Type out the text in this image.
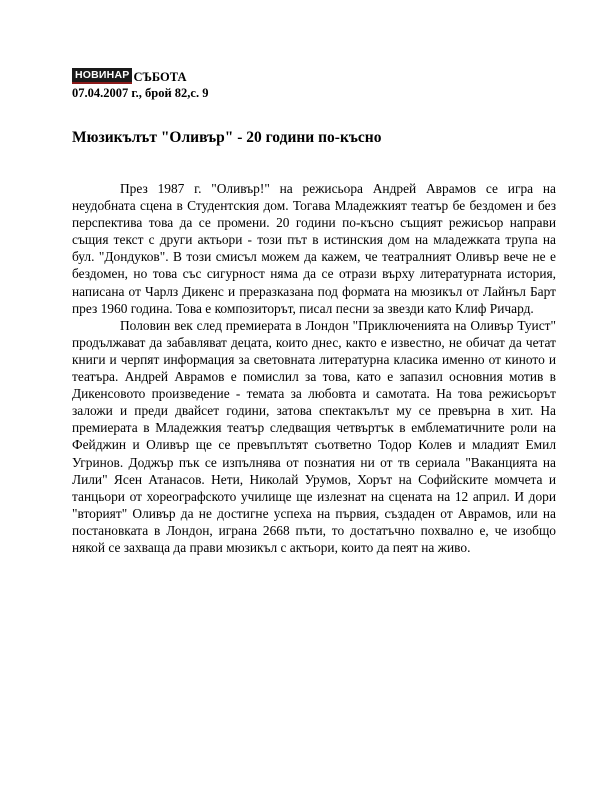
НОВИНАР СЪБОТА
07.04.2007 г., брой 82,с. 9
Мюзикълът "Оливър" - 20 години по-късно

През 1987 г. "Оливър!" на режисьора Андрей Аврамов се игра на неудобната сцена в Студентския дом. Тогава Младежкият театър бе бездомен и без перспектива това да се промени. 20 години по-късно същият режисьор направи същия текст с други актьори - този път в истинския дом на младежката трупа на бул. "Дондуков". В този смисъл можем да кажем, че театралният Оливър вече не е бездомен, но това със сигурност няма да се отрази върху литературната история, написана от Чарлз Дикенс и преразказана под формата на мюзикъл от Лайнъл Барт през 1960 година. Това е композиторът, писал песни за звезди като Клиф Ричард.

Половин век след премиерата в Лондон "Приключенията на Оливър Туист" продължават да забавляват децата, които днес, както е известно, не обичат да четат книги и черпят информация за световната литературна класика именно от киното и театъра. Андрей Аврамов е помислил за това, като е запазил основния мотив в Дикенсовото произведение - темата за любовта и самотата. На това режисьорът заложи и преди двайсет години, затова спектакълът му се превърна в хит. На премиерата в Младежкия театър следващия четвъртък в емблематичните роли на Фейджин и Оливър ще се превъплътят съответно Тодор Колев и младият Емил Угринов. Доджър пък се изпълнява от познатия ни от тв сериала "Ваканцията на Лили" Ясен Атанасов. Нети, Николай Урумов, Хорът на Софийските момчета и танцьори от хореографското училище ще излезнат на сцената на 12 април. И дори "вторият" Оливър да не достигне успеха на първия, създаден от Аврамов, или на постановката в Лондон, играна 2668 пъти, то достатъчно похвално е, че изобщо някой се захваща да прави мюзикъл с актьори, които да пеят на живо.
